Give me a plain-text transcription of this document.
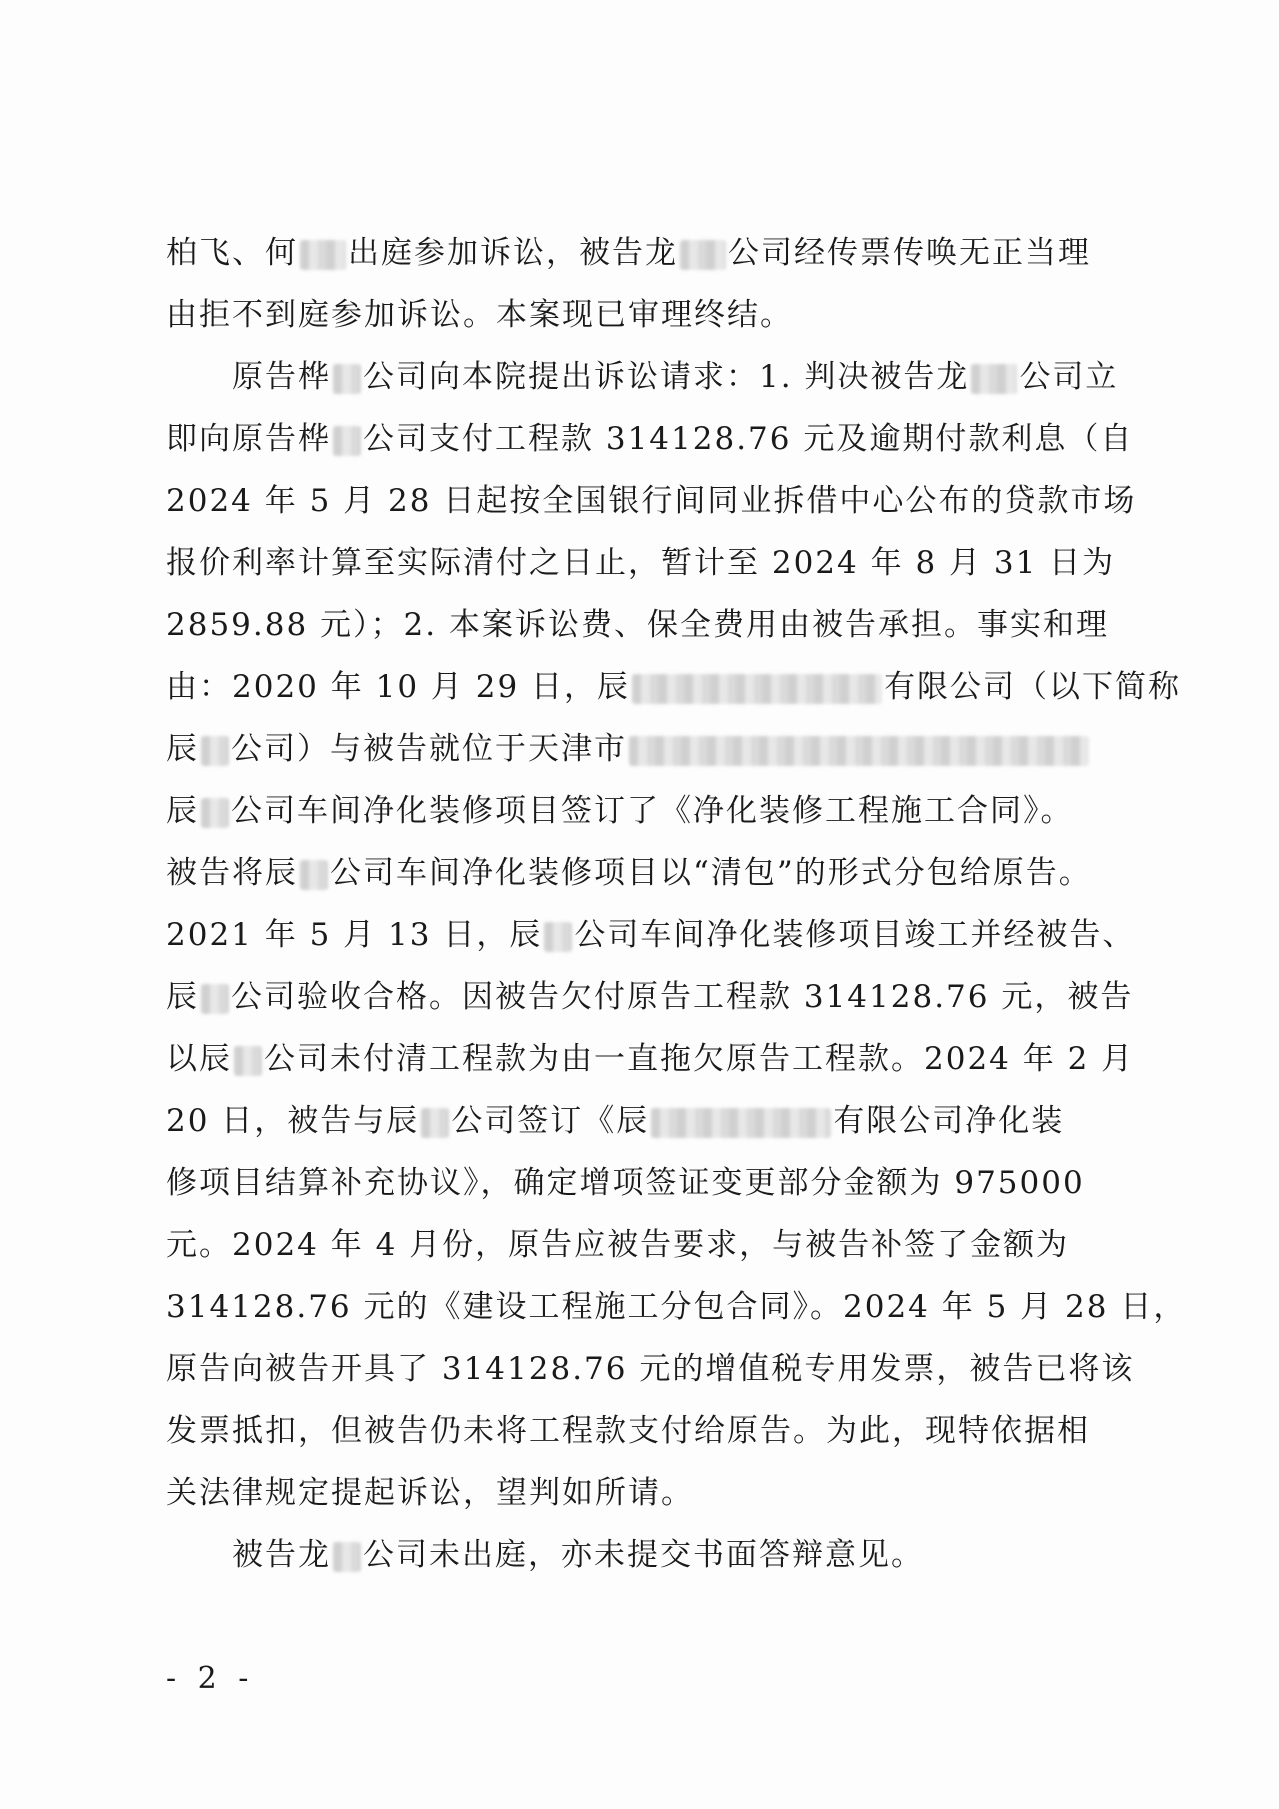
柏飞、何 出庭参加诉讼，被告龙 公司经传票传唤无正当理
由拒不到庭参加诉讼。本案现已审理终结。
　　原告桦 公司向本院提出诉讼请求：1. 判决被告龙 公司立
即向原告桦 公司支付工程款 314128.76 元及逾期付款利息（自
2024 年 5 月 28 日起按全国银行间同业拆借中心公布的贷款市场
报价利率计算至实际清付之日止，暂计至 2024 年 8 月 31 日为
2859.88 元）；2. 本案诉讼费、保全费用由被告承担。事实和理
由：2020 年 10 月 29 日，辰	有限公司（以下简称
辰 公司）与被告就位于天津市
辰 公司车间净化装修项目签订了《净化装修工程施工合同》。
被告将辰 公司车间净化装修项目以“清包”的形式分包给原告。
2021 年 5 月 13 日，辰 公司车间净化装修项目竣工并经被告、
辰 公司验收合格。因被告欠付原告工程款 314128.76 元，被告
以辰 公司未付清工程款为由一直拖欠原告工程款。2024 年 2 月
20 日，被告与辰 公司签订《辰	有限公司净化装
修项目结算补充协议》，确定增项签证变更部分金额为 975000
元。2024 年 4 月份，原告应被告要求，与被告补签了金额为
314128.76 元的《建设工程施工分包合同》。2024 年 5 月 28 日，
原告向被告开具了 314128.76 元的增值税专用发票，被告已将该
发票抵扣，但被告仍未将工程款支付给原告。为此，现特依据相
关法律规定提起诉讼，望判如所请。
　　被告龙 公司未出庭，亦未提交书面答辩意见。
- 2 -
